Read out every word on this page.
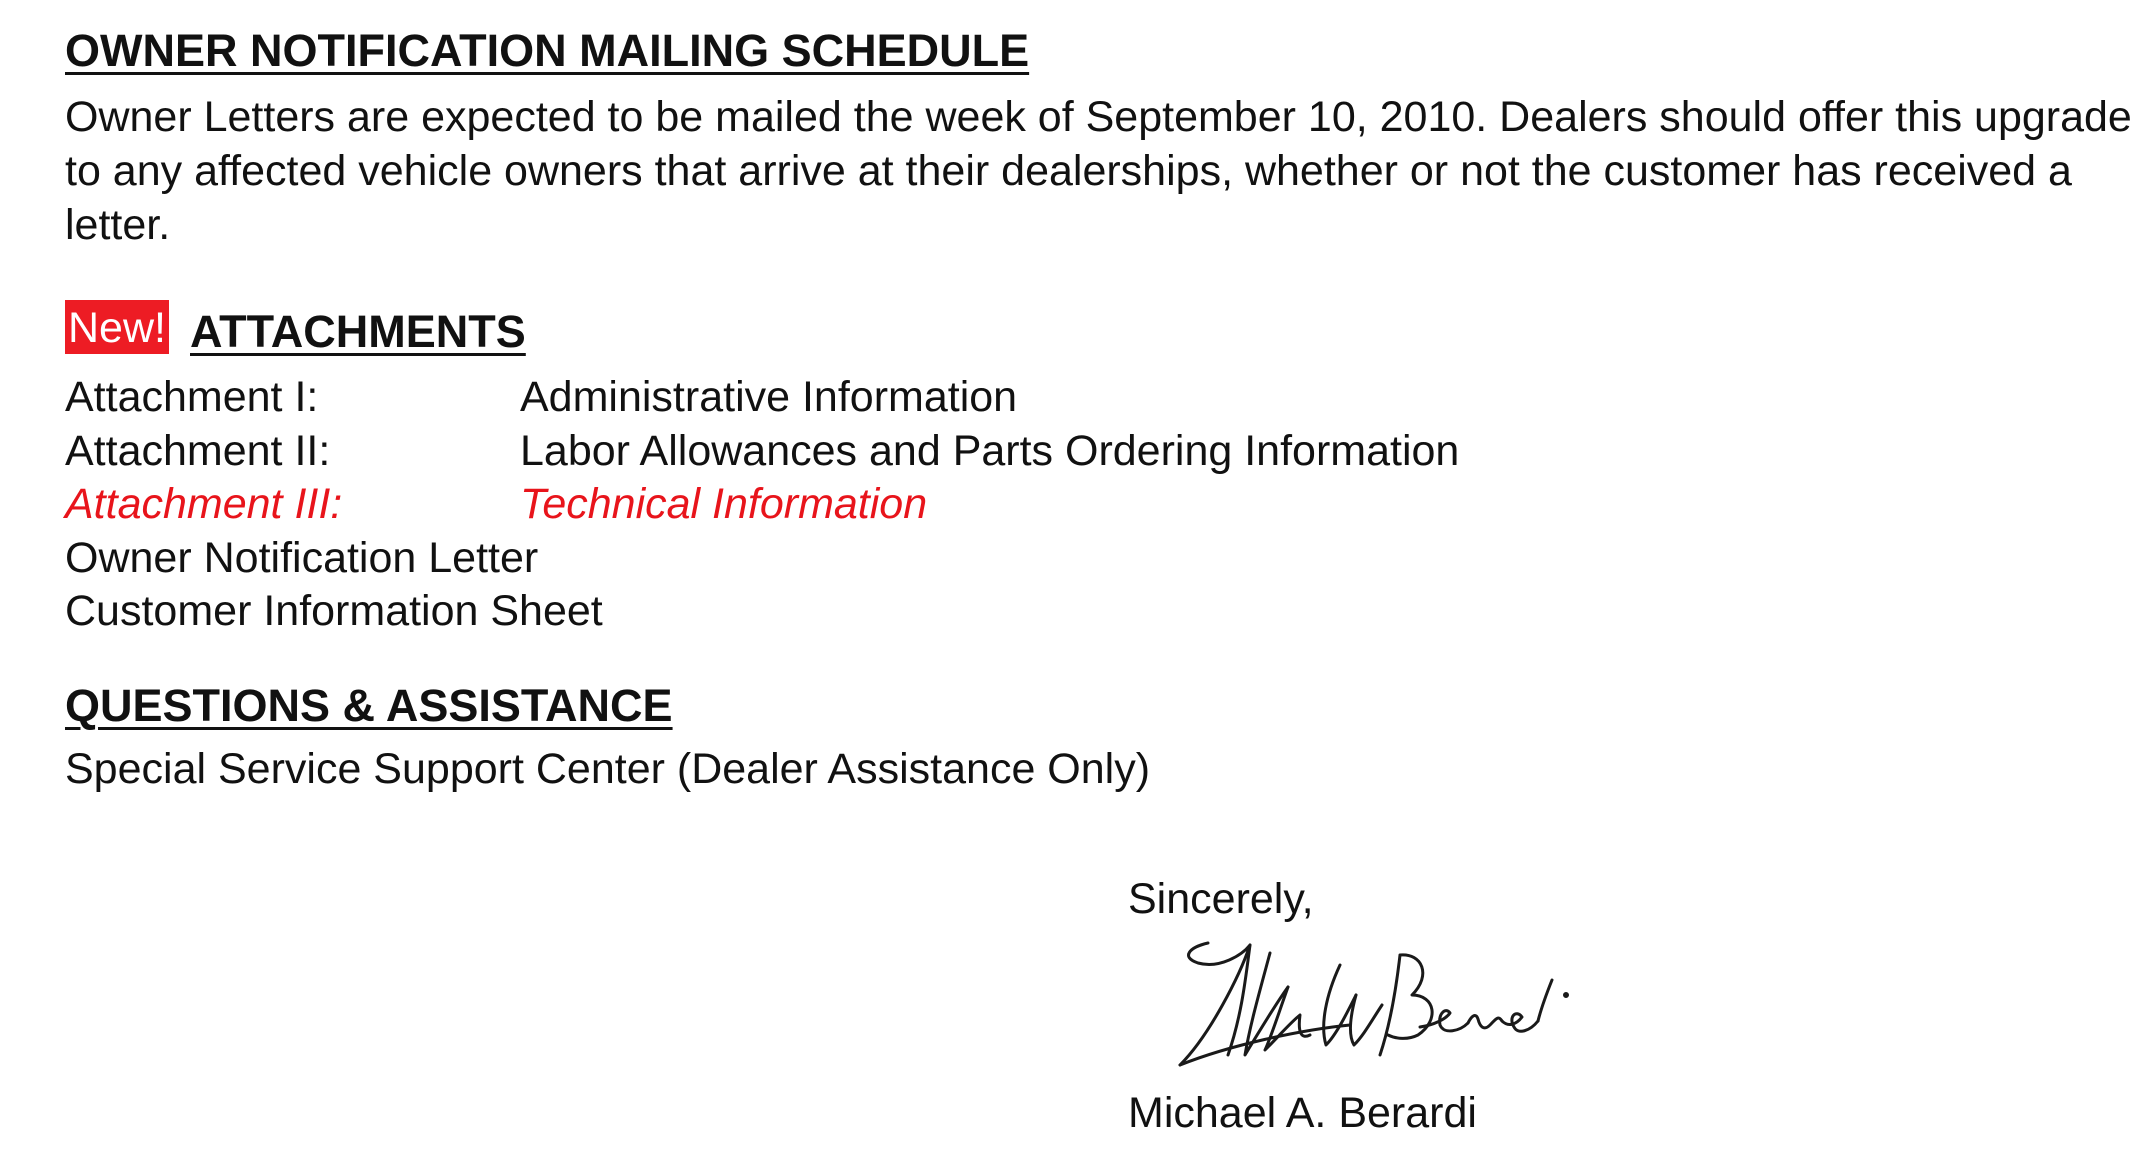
OWNER NOTIFICATION MAILING SCHEDULE
Owner Letters are expected to be mailed the week of September 10, 2010. Dealers should offer this upgrade to any affected vehicle owners that arrive at their dealerships, whether or not the customer has received a letter.
New! ATTACHMENTS
Attachment I:	Administrative Information
Attachment II:	Labor Allowances and Parts Ordering Information
Attachment III:	Technical Information
Owner Notification Letter
Customer Information Sheet
QUESTIONS & ASSISTANCE
Special Service Support Center (Dealer Assistance Only)
Sincerely,
Michael A. Berardi
